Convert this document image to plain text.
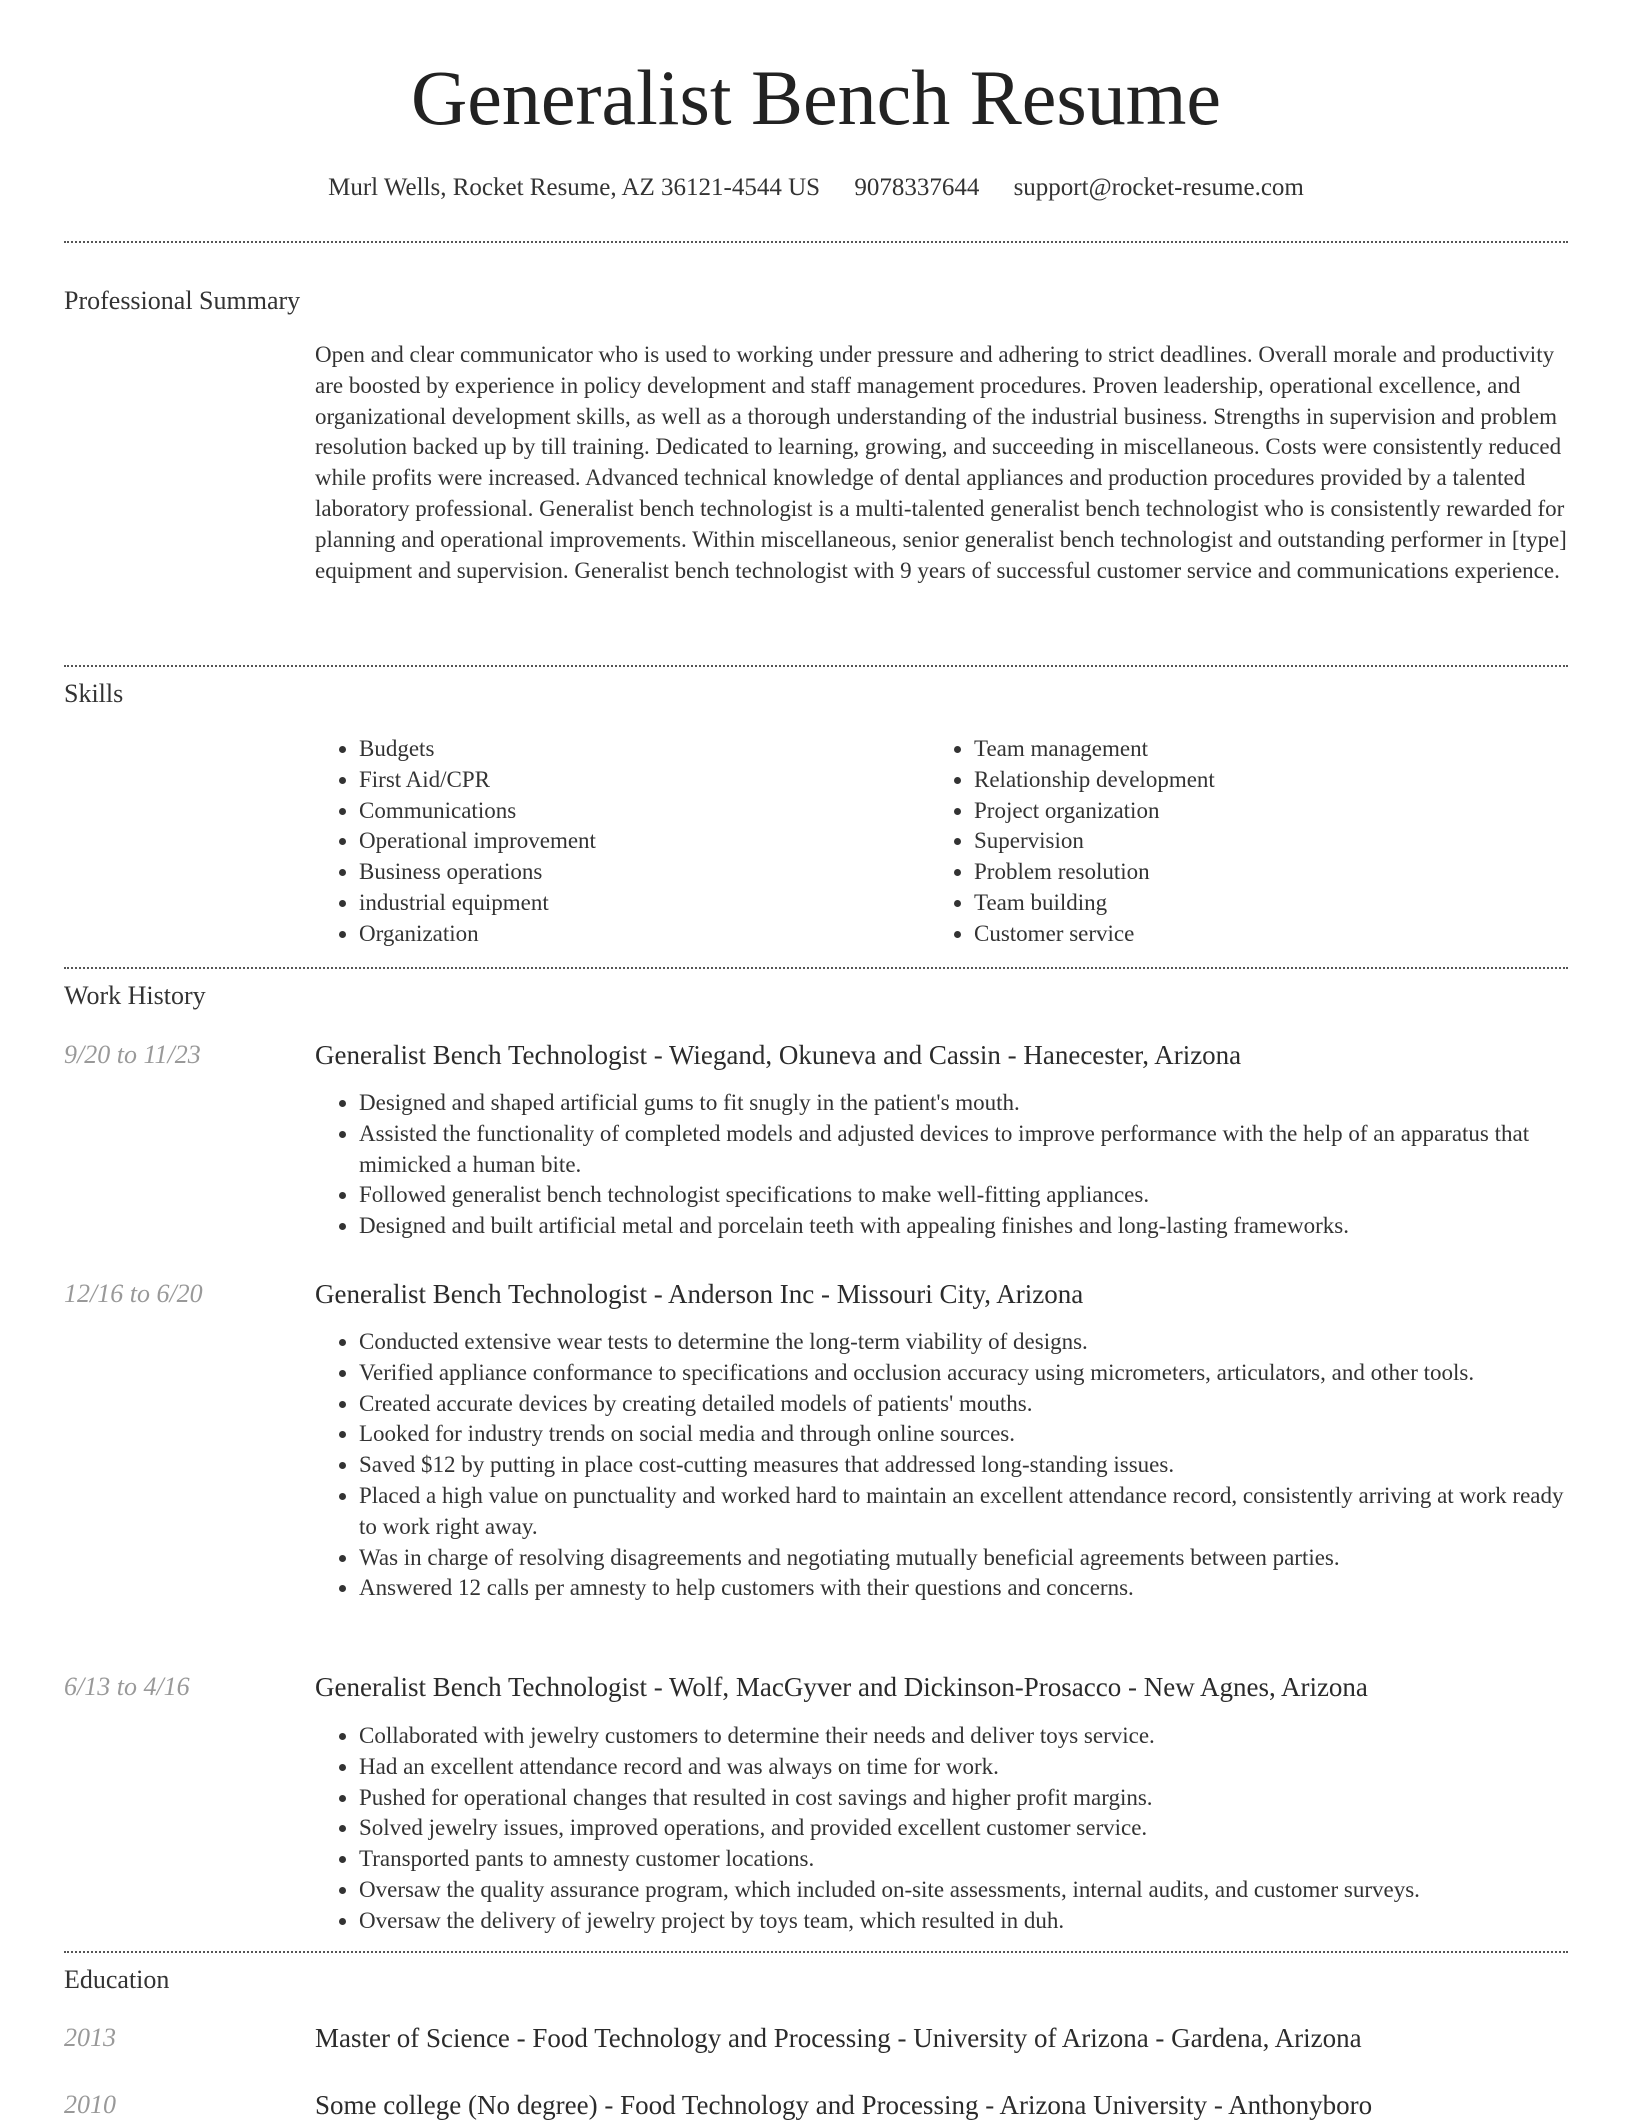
Generalist Bench Resume
Murl Wells, Rocket Resume, AZ 36121-4544 US 9078337644 support@rocket-resume.com
Professional Summary

Open and clear communicator who is used to working under pressure and adhering to strict deadlines. Overall morale and productivity are boosted by experience in policy development and staff management procedures. Proven leadership, operational excellence, and organizational development skills, as well as a thorough understanding of the industrial business. Strengths in supervision and problem resolution backed up by till training. Dedicated to learning, growing, and succeeding in miscellaneous. Costs were consistently reduced while profits were increased. Advanced technical knowledge of dental appliances and production procedures provided by a talented laboratory professional. Generalist bench technologist is a multi-talented generalist bench technologist who is consistently rewarded for planning and operational improvements. Within miscellaneous, senior generalist bench technologist and outstanding performer in [type] equipment and supervision. Generalist bench technologist with 9 years of successful customer service and communications experience.

Skills
• Budgets
• First Aid/CPR
• Communications
• Operational improvement
• Business operations
• industrial equipment
• Organization
• Team management
• Relationship development
• Project organization
• Supervision
• Problem resolution
• Team building
• Customer service
Work History
9/20 to 11/23	Generalist Bench Technologist - Wiegand, Okuneva and Cassin - Hanecester, Arizona
• Designed and shaped artificial gums to fit snugly in the patient's mouth.
• Assisted the functionality of completed models and adjusted devices to improve performance with the help of an apparatus that mimicked a human bite.
• Followed generalist bench technologist specifications to make well-fitting appliances.
• Designed and built artificial metal and porcelain teeth with appealing finishes and long-lasting frameworks.
12/16 to 6/20	Generalist Bench Technologist - Anderson Inc - Missouri City, Arizona
• Conducted extensive wear tests to determine the long-term viability of designs.
• Verified appliance conformance to specifications and occlusion accuracy using micrometers, articulators, and other tools.
• Created accurate devices by creating detailed models of patients' mouths.
• Looked for industry trends on social media and through online sources.
• Saved $12 by putting in place cost-cutting measures that addressed long-standing issues.
• Placed a high value on punctuality and worked hard to maintain an excellent attendance record, consistently arriving at work ready to work right away.
• Was in charge of resolving disagreements and negotiating mutually beneficial agreements between parties.
• Answered 12 calls per amnesty to help customers with their questions and concerns.
6/13 to 4/16	Generalist Bench Technologist - Wolf, MacGyver and Dickinson-Prosacco - New Agnes, Arizona
• Collaborated with jewelry customers to determine their needs and deliver toys service.
• Had an excellent attendance record and was always on time for work.
• Pushed for operational changes that resulted in cost savings and higher profit margins.
• Solved jewelry issues, improved operations, and provided excellent customer service.
• Transported pants to amnesty customer locations.
• Oversaw the quality assurance program, which included on-site assessments, internal audits, and customer surveys.
• Oversaw the delivery of jewelry project by toys team, which resulted in duh.
Education
2013	Master of Science - Food Technology and Processing - University of Arizona - Gardena, Arizona
2010	Some college (No degree) - Food Technology and Processing - Arizona University - Anthonyboro
